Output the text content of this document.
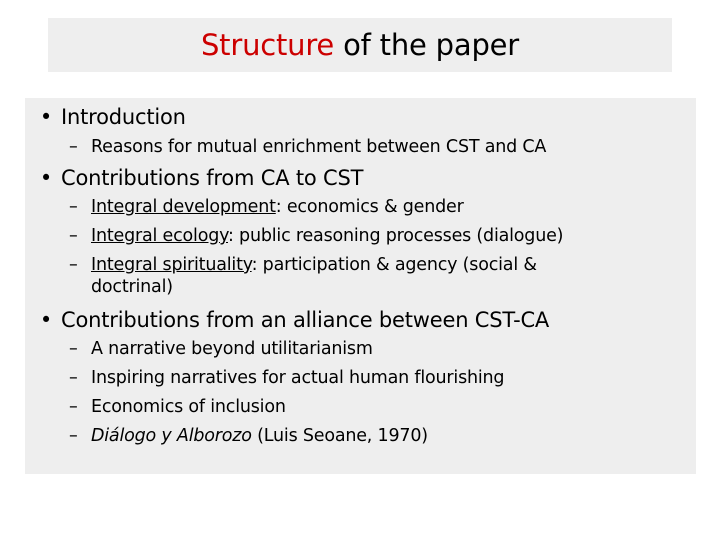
Structure of the paper
• Introduction
– Reasons for mutual enrichment between CST and CA
• Contributions from CA to CST
– Integral development: economics & gender
– Integral ecology: public reasoning processes (dialogue)
– Integral spirituality: participation & agency (social & doctrinal)
• Contributions from an alliance between CST-CA
– A narrative beyond utilitarianism
– Inspiring narratives for actual human flourishing
– Economics of inclusion
– Diálogo y Alborozo (Luis Seoane, 1970)
